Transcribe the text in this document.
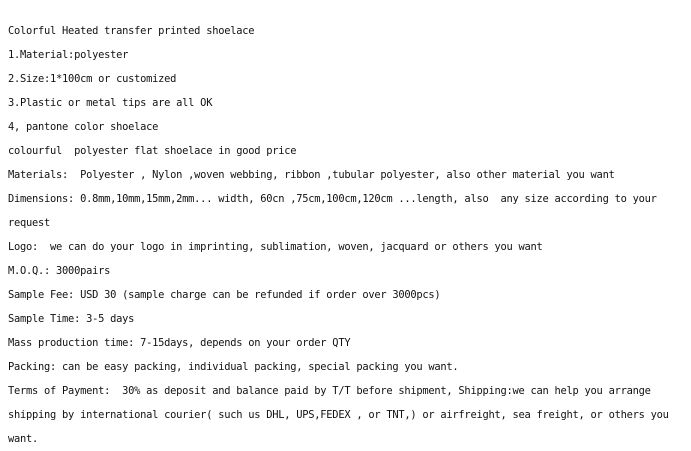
Colorful Heated transfer printed shoelace

1.Material:polyester

2.Size:1*100cm or customized

3.Plastic or metal tips are all OK

4, pantone color shoelace

colourful  polyester flat shoelace in good price

Materials:  Polyester , Nylon ,woven webbing, ribbon ,tubular polyester, also other material you want

Dimensions: 0.8mm,10mm,15mm,2mm... width, 60cn ,75cm,100cm,120cm ...length, also  any size according to your request

Logo:  we can do your logo in imprinting, sublimation, woven, jacquard or others you want

M.O.Q.: 3000pairs

Sample Fee: USD 30 (sample charge can be refunded if order over 3000pcs)

Sample Time: 3-5 days

Mass production time: 7-15days, depends on your order QTY

Packing: can be easy packing, individual packing, special packing you want.

Terms of Payment:  30% as deposit and balance paid by T/T before shipment, Shipping:we can help you arrange shipping by international courier( such us DHL, UPS,FEDEX , or TNT,) or airfreight, sea freight, or others you want.
